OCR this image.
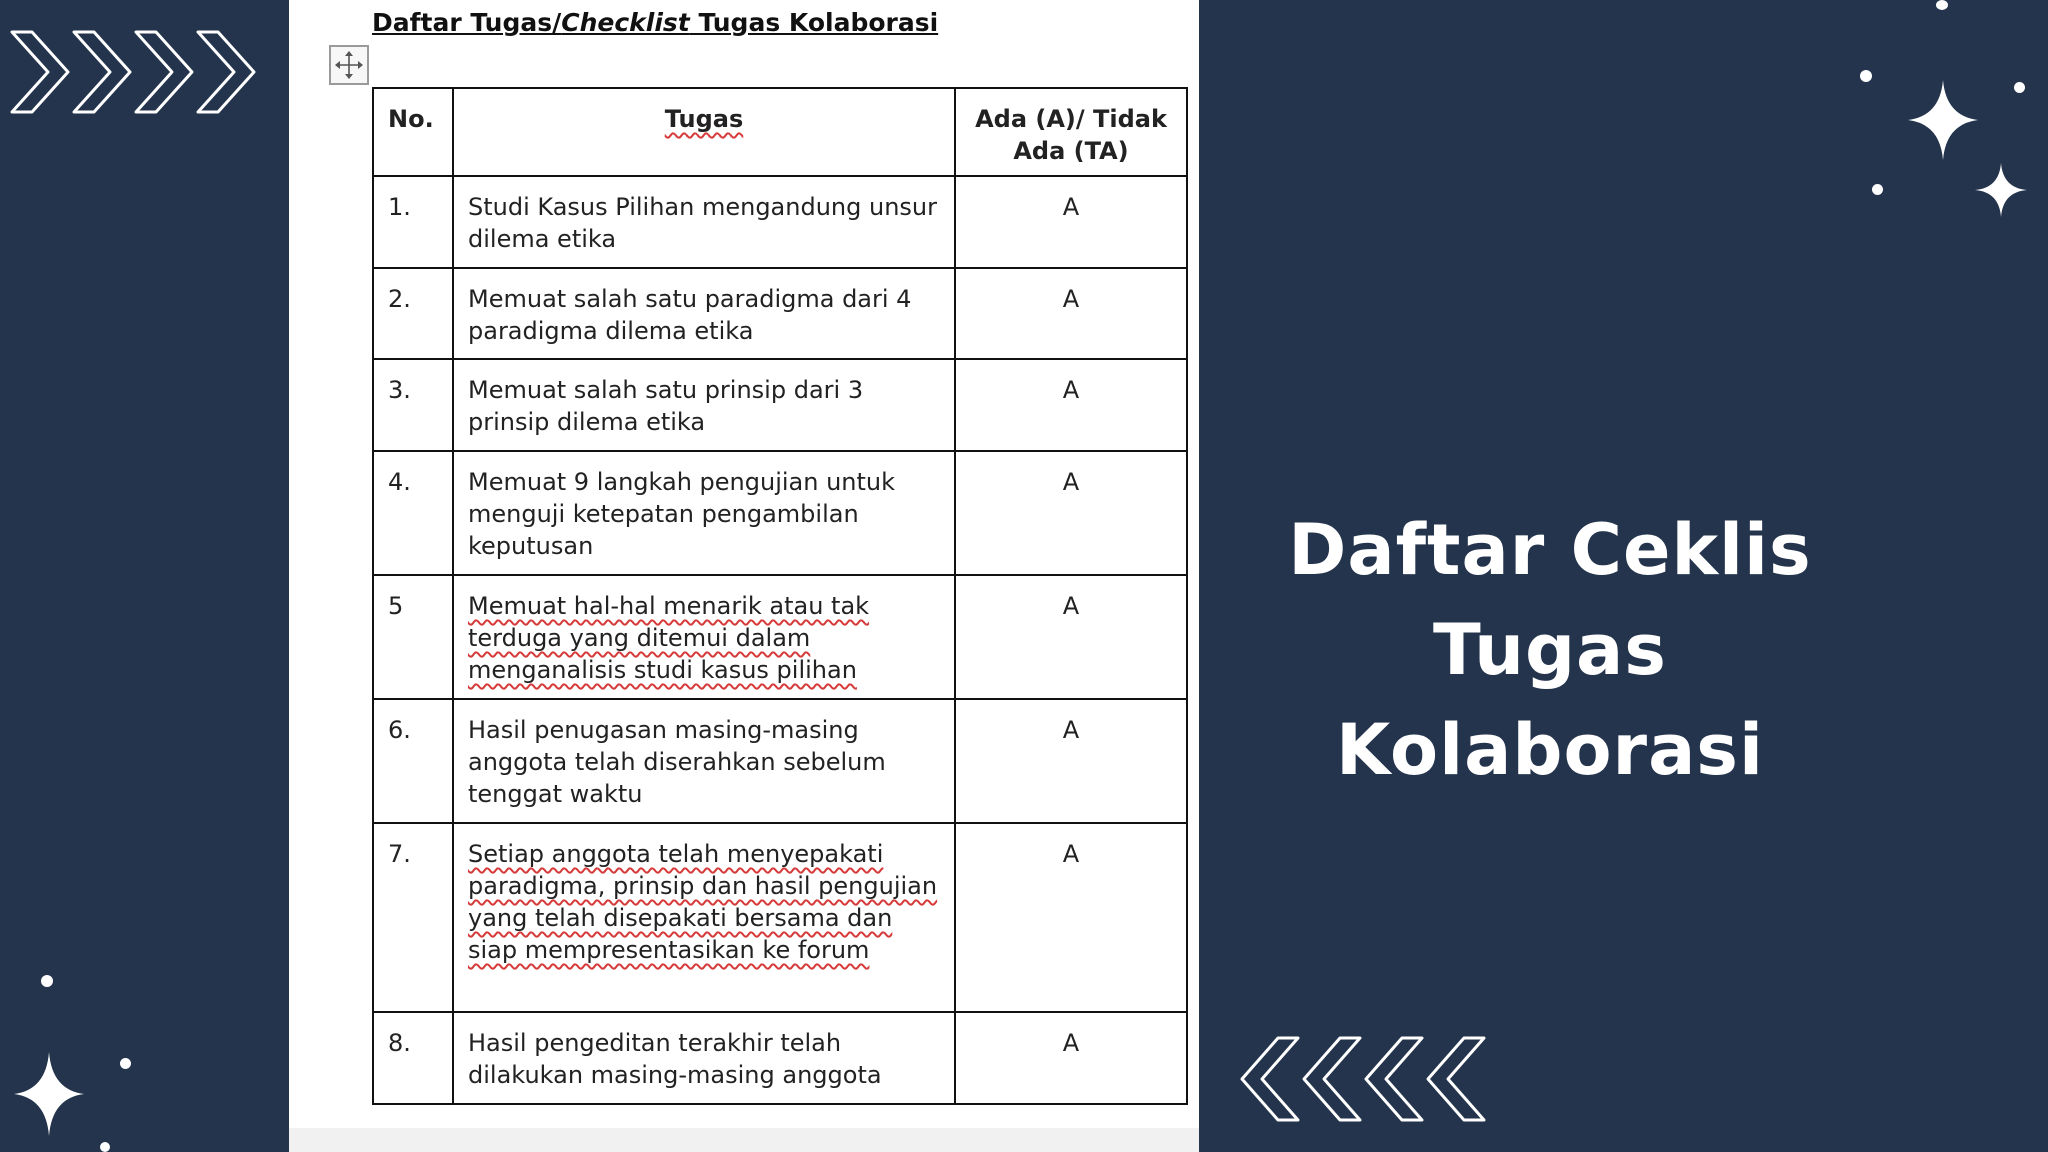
Daftar Tugas/Checklist Tugas Kolaborasi
No.	Tugas	Ada (A)/ Tidak Ada (TA)
1.	Studi Kasus Pilihan mengandung unsur dilema etika	A
2.	Memuat salah satu paradigma dari 4 paradigma dilema etika	A
3.	Memuat salah satu prinsip dari 3 prinsip dilema etika	A
4.	Memuat 9 langkah pengujian untuk menguji ketepatan pengambilan keputusan	A
5	Memuat hal-hal menarik atau tak terduga yang ditemui dalam menganalisis studi kasus pilihan	A
6.	Hasil penugasan masing-masing anggota telah diserahkan sebelum tenggat waktu	A
7.	Setiap anggota telah menyepakati paradigma, prinsip dan hasil pengujian yang telah disepakati bersama dan siap mempresentasikan ke forum	A
8.	Hasil pengeditan terakhir telah dilakukan masing-masing anggota	A
Daftar Ceklis
Tugas Kolaborasi
